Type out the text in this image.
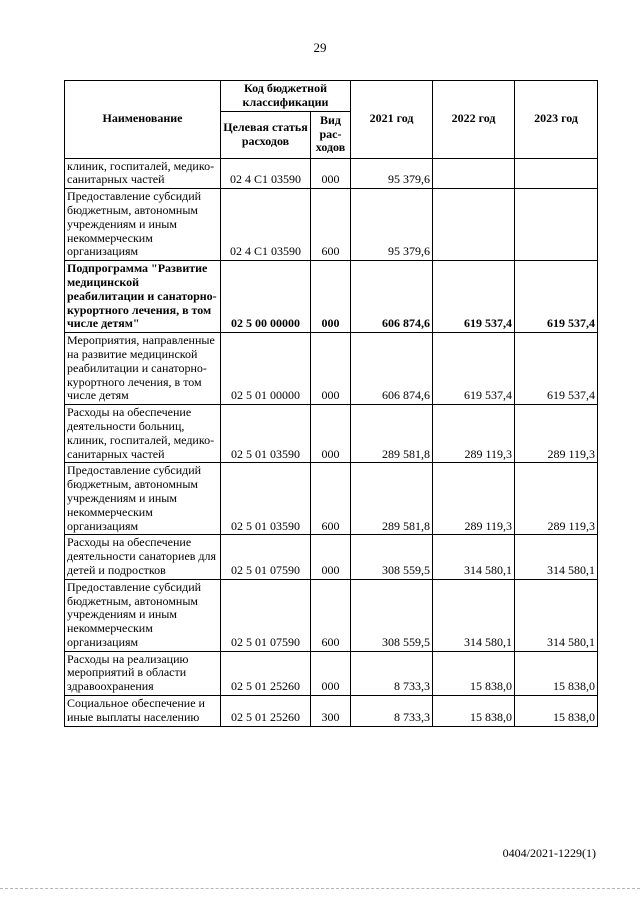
29
Наименование	Код бюджетной классификации		2021 год	2022 год	2023 год
	Целевая статья расходов	Вид рас-ходов			
клиник, госпиталей, медико-санитарных частей	02 4 С1 03590	000	95 379,6		
Предоставление субсидий бюджетным, автономным учреждениям и иным некоммерческим организациям	02 4 С1 03590	600	95 379,6		
Подпрограмма "Развитие медицинской реабилитации и санаторно-курортного лечения, в том числе детям"	02 5 00 00000	000	606 874,6	619 537,4	619 537,4
Мероприятия, направленные на развитие медицинской реабилитации и санаторно-курортного лечения, в том числе детям	02 5 01 00000	000	606 874,6	619 537,4	619 537,4
Расходы на обеспечение деятельности больниц, клиник, госпиталей, медико-санитарных частей	02 5 01 03590	000	289 581,8	289 119,3	289 119,3
Предоставление субсидий бюджетным, автономным учреждениям и иным некоммерческим организациям	02 5 01 03590	600	289 581,8	289 119,3	289 119,3
Расходы на обеспечение деятельности санаториев для детей и подростков	02 5 01 07590	000	308 559,5	314 580,1	314 580,1
Предоставление субсидий бюджетным, автономным учреждениям и иным некоммерческим организациям	02 5 01 07590	600	308 559,5	314 580,1	314 580,1
Расходы на реализацию мероприятий в области здравоохранения	02 5 01 25260	000	8 733,3	15 838,0	15 838,0
Социальное обеспечение и иные выплаты населению	02 5 01 25260	300	8 733,3	15 838,0	15 838,0
0404/2021-1229(1)
